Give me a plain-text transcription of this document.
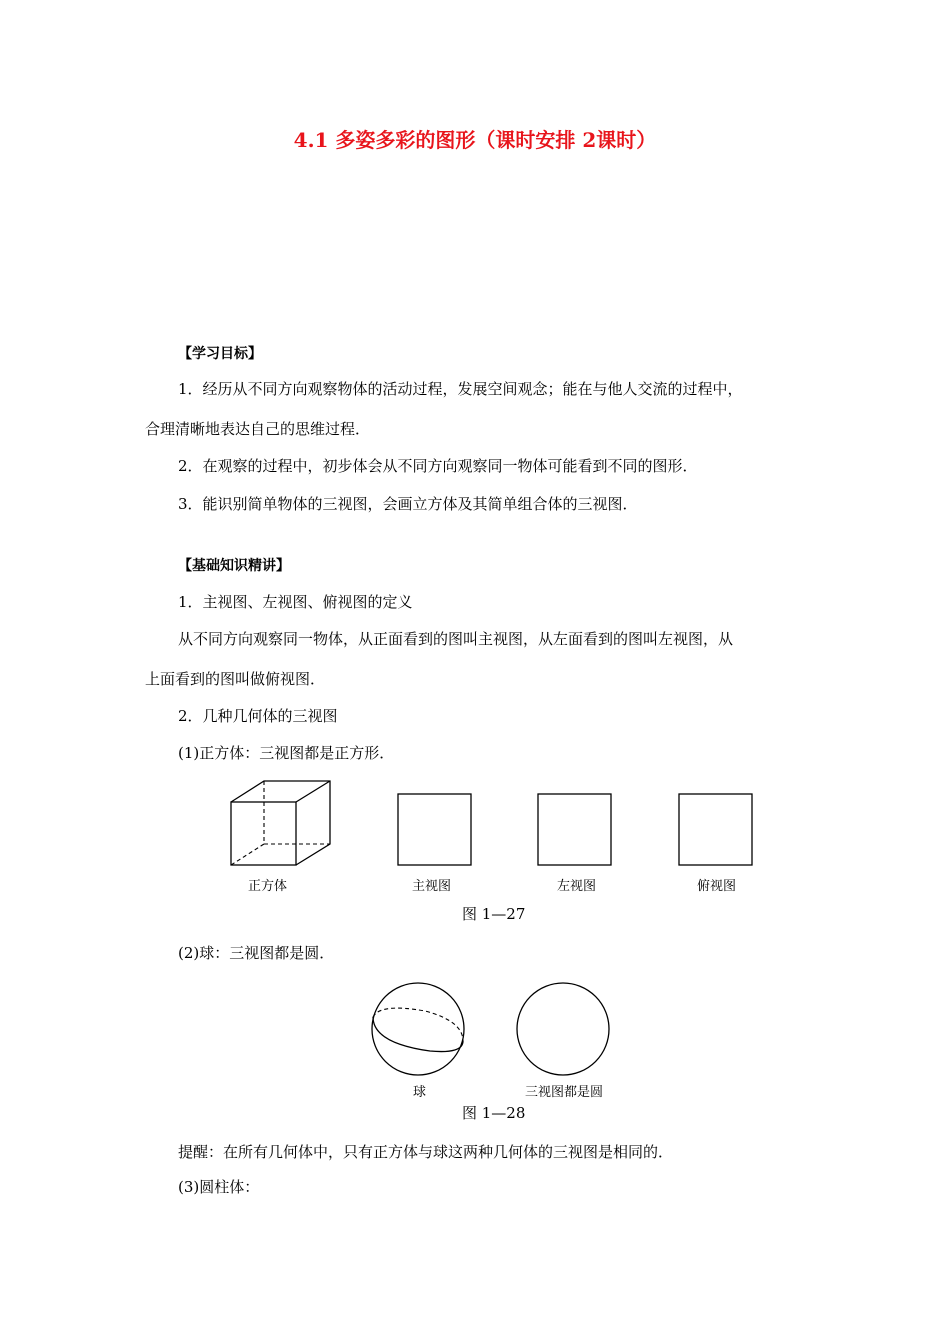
4.1 多姿多彩的图形（课时安排 2课时）
【学习目标】
1．经历从不同方向观察物体的活动过程，发展空间观念；能在与他人交流的过程中，
合理清晰地表达自己的思维过程．
2．在观察的过程中，初步体会从不同方向观察同一物体可能看到不同的图形．
3．能识别简单物体的三视图，会画立方体及其简单组合体的三视图．
【基础知识精讲】
1．主视图、左视图、俯视图的定义
从不同方向观察同一物体，从正面看到的图叫主视图，从左面看到的图叫左视图，从
上面看到的图叫做俯视图．
2．几种几何体的三视图
(1)正方体：三视图都是正方形．
正方体	主视图	左视图	俯视图
图 1—27
(2)球：三视图都是圆．
球	三视图都是圆
图 1—28
提醒：在所有几何体中，只有正方体与球这两种几何体的三视图是相同的．
(3)圆柱体：
